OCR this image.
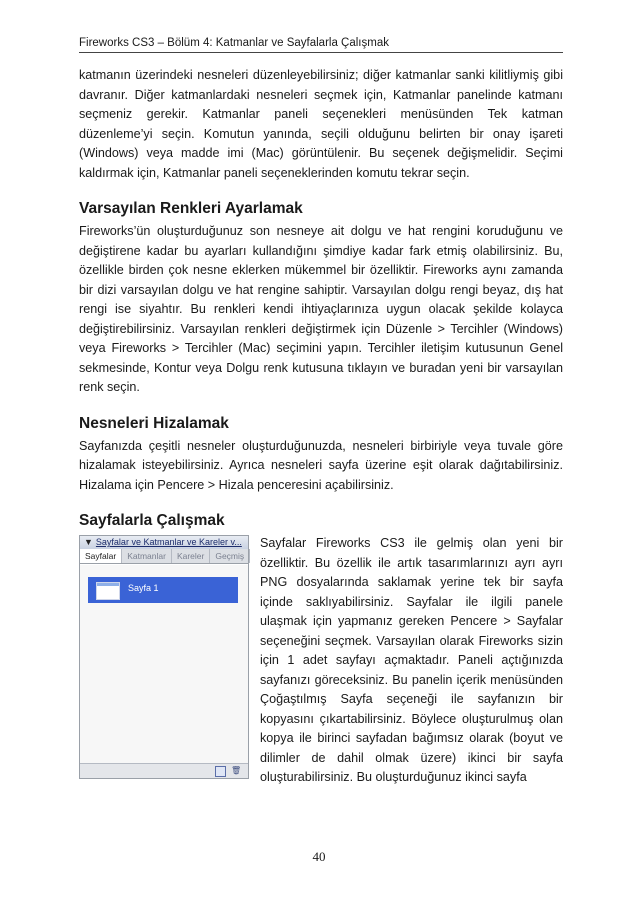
Fireworks CS3 – Bölüm 4: Katmanlar ve Sayfalarla Çalışmak

katmanın üzerindeki nesneleri düzenleyebilirsiniz; diğer katmanlar sanki kilitliymiş gibi davranır. Diğer katmanlardaki nesneleri seçmek için, Katmanlar panelinde katmanı seçmeniz gerekir. Katmanlar paneli seçenekleri menüsünden Tek katman düzenleme’yi seçin. Komutun yanında, seçili olduğunu belirten bir onay işareti (Windows) veya madde imi (Mac) görüntülenir. Bu seçenek değişmelidir. Seçimi kaldırmak için, Katmanlar paneli seçeneklerinden komutu tekrar seçin.

Varsayılan Renkleri Ayarlamak

Fireworks’ün oluşturduğunuz son nesneye ait dolgu ve hat rengini koruduğunu ve değiştirene kadar bu ayarları kullandığını şimdiye kadar fark etmiş olabilirsiniz. Bu, özellikle birden çok nesne eklerken mükemmel bir özelliktir. Fireworks aynı zamanda bir dizi varsayılan dolgu ve hat rengine sahiptir. Varsayılan dolgu rengi beyaz, dış hat rengi ise siyahtır. Bu renkleri kendi ihtiyaçlarınıza uygun olacak şekilde kolayca değiştirebilirsiniz. Varsayılan renkleri değiştirmek için Düzenle > Tercihler (Windows) veya Fireworks > Tercihler (Mac) seçimini yapın. Tercihler iletişim kutusunun Genel sekmesinde, Kontur veya Dolgu renk kutusuna tıklayın ve buradan yeni bir varsayılan renk seçin.

Nesneleri Hizalamak

Sayfanızda çeşitli nesneler oluşturduğunuzda, nesneleri birbiriyle veya tuvale göre hizalamak isteyebilirsiniz. Ayrıca nesneleri sayfa üzerine eşit olarak dağıtabilirsiniz. Hizalama için Pencere > Hizala penceresini açabilirsiniz.

Sayfalarla Çalışmak
▼ Sayfalar ve Katmanlar ve Kareler v...
Sayfalar	Katmanlar	Kareler	Geçmiş
Sayfa 1
🗑

Sayfalar Fireworks CS3 ile gelmiş olan yeni bir özelliktir. Bu özellik ile artık tasarımlarınızı ayrı ayrı PNG dosyalarında saklamak yerine tek bir sayfa içinde saklıyabilirsiniz. Sayfalar ile ilgili panele ulaşmak için yapmanız gereken Pencere > Sayfalar seçeneğini seçmek. Varsayılan olarak Fireworks sizin için 1 adet sayfayı açmaktadır. Paneli açtığınızda sayfanızı göreceksiniz. Bu panelin içerik menüsünden Çoğaştılmış Sayfa seçeneği ile sayfanızın bir kopyasını çıkartabilirsiniz. Böylece oluşturulmuş olan kopya ile birinci sayfadan bağımsız olarak (boyut ve dilimler de dahil olmak üzere) ikinci bir sayfa oluşturabilirsiniz. Bu oluşturduğunuz ikinci sayfa

40
